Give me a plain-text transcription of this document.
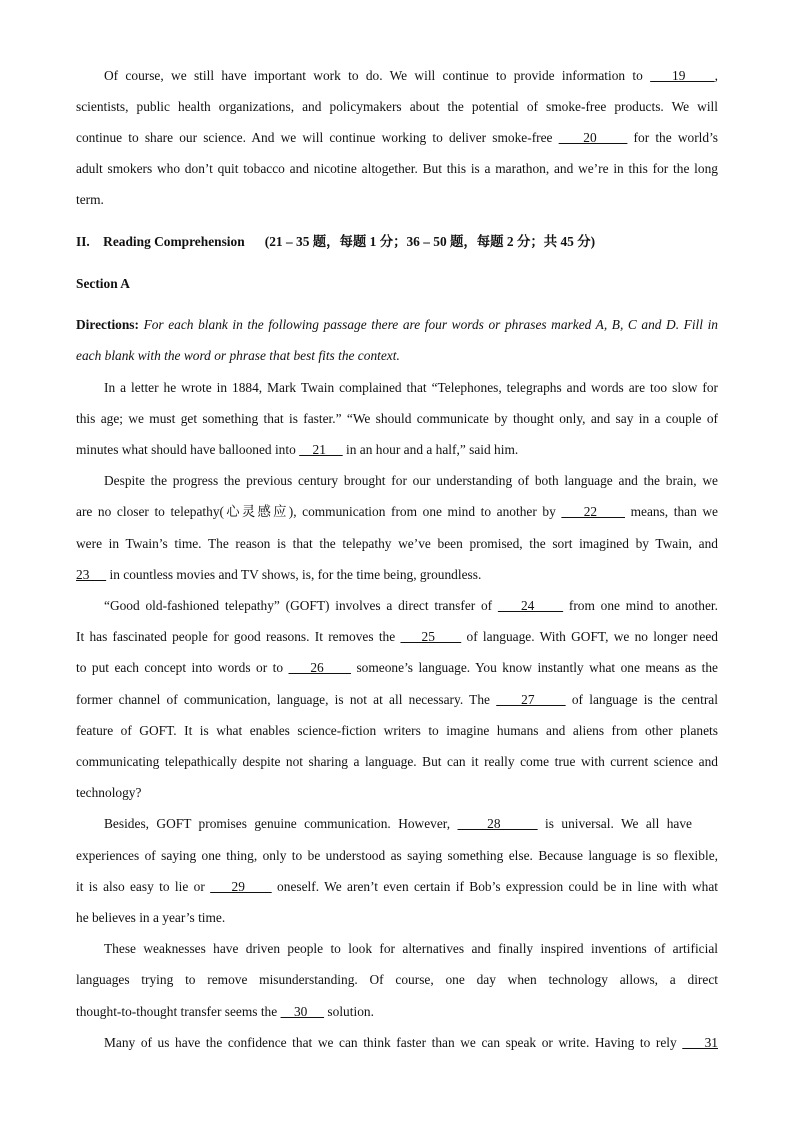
Of course, we still have important work to do. We will continue to provide information to    19    ,
scientists, public health organizations, and policymakers about the potential of smoke-free products. We will
continue to share our science. And we will continue working to deliver smoke-free     20      for the world’s
adult smokers who don’t quit tobacco and nicotine altogether. But this is a marathon, and we’re in this for the long
term.
II. Reading Comprehension (21 – 35 题，每题 1 分；36 – 50 题，每题 2 分；共 45 分)
Section A
Directions: For each blank in the following passage there are four words or phrases marked A, B, C and D. Fill in
each blank with the word or phrase that best fits the context.
In a letter he wrote in 1884, Mark Twain complained that “Telephones, telegraphs and words are too slow for
this age; we must get something that is faster.” “We should communicate by thought only, and say in a couple of
minutes what should have ballooned into     21      in an hour and a half,” said him.
Despite the progress the previous century brought for our understanding of both language and the brain, we
are no closer to telepathy(心灵感应), communication from one mind to another by     22      means, than we
were in Twain’s time. The reason is that the telepathy we’ve been promised, the sort imagined by Twain, and
23      in countless movies and TV shows, is, for the time being, groundless.
“Good old-fashioned telepathy” (GOFT) involves a direct transfer of     24      from one mind to another.
It has fascinated people for good reasons. It removes the     25      of language. With GOFT, we no longer need
to put each concept into words or to     26      someone’s language. You know instantly what one means as the
former channel of communication, language, is not at all necessary. The     27      of language is the central
feature of GOFT. It is what enables science-fiction writers to imagine humans and aliens from other planets
communicating telepathically despite not sharing a language. But can it really come true with current science and
technology?
Besides, GOFT promises genuine communication. However,     28      is universal. We all have
experiences of saying one thing, only to be understood as saying something else. Because language is so flexible,
it is also easy to lie or     29      oneself. We aren’t even certain if Bob’s expression could be in line with what
he believes in a year’s time.
These weaknesses have driven people to look for alternatives and finally inspired inventions of artificial
languages trying to remove misunderstanding. Of course, one day when technology allows, a direct
thought-to-thought transfer seems the     30      solution.
Many of us have the confidence that we can think faster than we can speak or write. Having to rely     31
